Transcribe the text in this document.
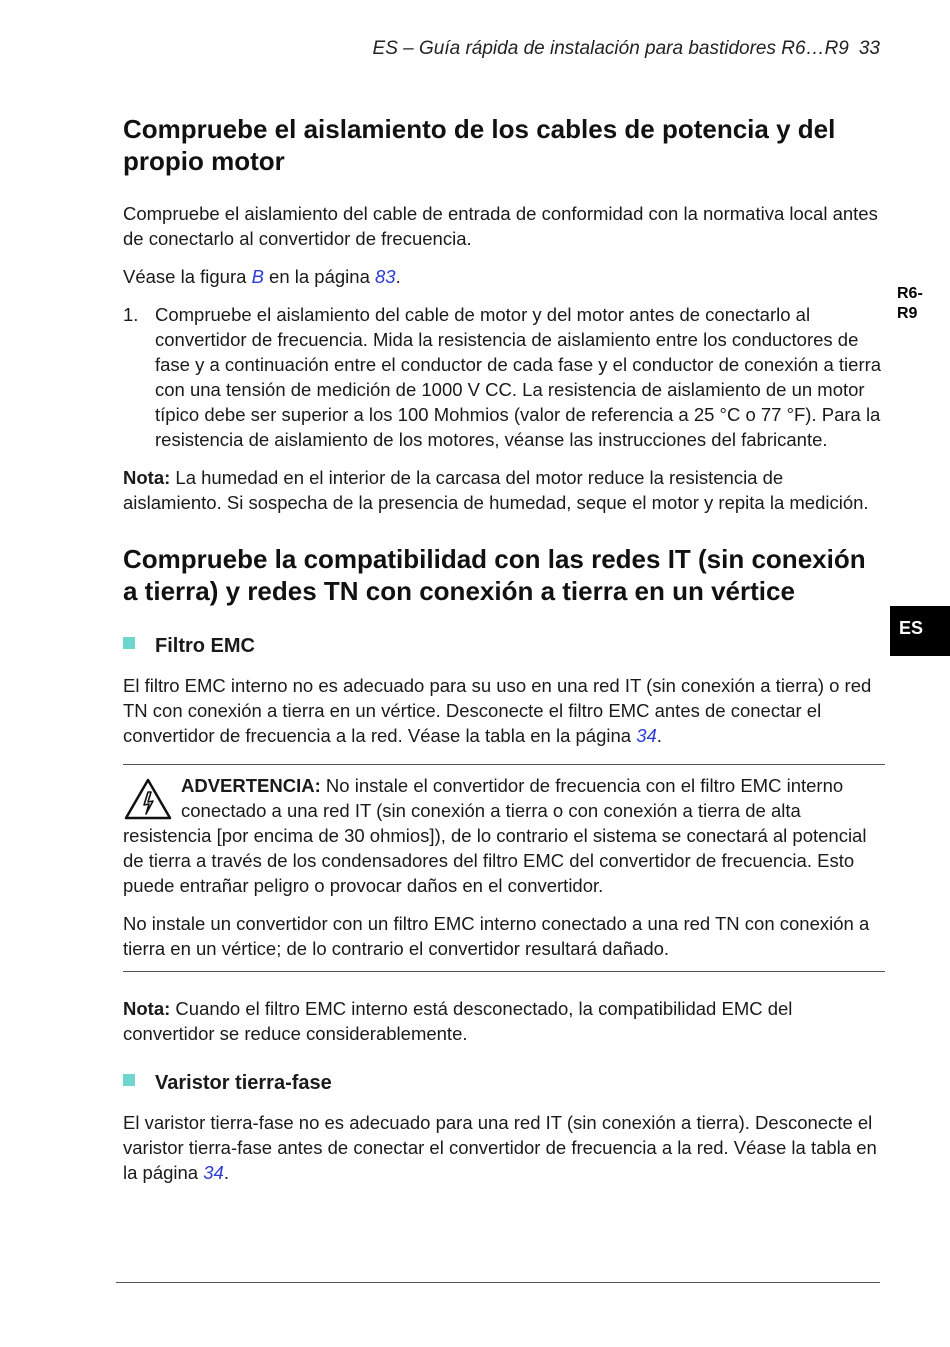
ES – Guía rápida de instalación para bastidores R6…R9 33
R6-
R9
ES
Compruebe el aislamiento de los cables de potencia y del propio motor

Compruebe el aislamiento del cable de entrada de conformidad con la normativa local antes de conectarlo al convertidor de frecuencia.

Véase la figura B en la página 83.

1. Compruebe el aislamiento del cable de motor y del motor antes de conectarlo al convertidor de frecuencia. Mida la resistencia de aislamiento entre los conductores de fase y a continuación entre el conductor de cada fase y el conductor de conexión a tierra con una tensión de medición de 1000 V CC. La resistencia de aislamiento de un motor típico debe ser superior a los 100 Mohmios (valor de referencia a 25 °C o 77 °F). Para la resistencia de aislamiento de los motores, véanse las instrucciones del fabricante.

Nota: La humedad en el interior de la carcasa del motor reduce la resistencia de aislamiento. Si sospecha de la presencia de humedad, seque el motor y repita la medición.

Compruebe la compatibilidad con las redes IT (sin conexión a tierra) y redes TN con conexión a tierra en un vértice
Filtro EMC

El filtro EMC interno no es adecuado para su uso en una red IT (sin conexión a tierra) o red TN con conexión a tierra en un vértice. Desconecte el filtro EMC antes de conectar el convertidor de frecuencia a la red. Véase la tabla en la página 34.

ADVERTENCIA: No instale el convertidor de frecuencia con el filtro EMC interno conectado a una red IT (sin conexión a tierra o con conexión a tierra de alta resistencia [por encima de 30 ohmios]), de lo contrario el sistema se conectará al potencial de tierra a través de los condensadores del filtro EMC del convertidor de frecuencia. Esto puede entrañar peligro o provocar daños en el convertidor.

No instale un convertidor con un filtro EMC interno conectado a una red TN con conexión a tierra en un vértice; de lo contrario el convertidor resultará dañado.

Nota: Cuando el filtro EMC interno está desconectado, la compatibilidad EMC del convertidor se reduce considerablemente.

Varistor tierra-fase

El varistor tierra-fase no es adecuado para una red IT (sin conexión a tierra). Desconecte el varistor tierra-fase antes de conectar el convertidor de frecuencia a la red. Véase la tabla en la página 34.
